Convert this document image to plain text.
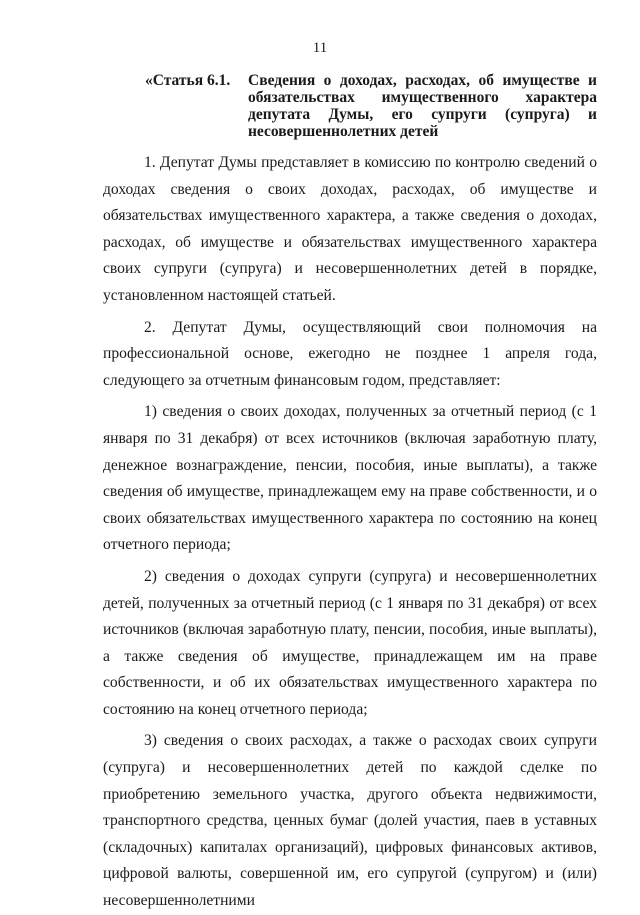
11
«Статья 6.1. Сведения о доходах, расходах, об имуществе и обязательствах имущественного характера депутата Думы, его супруги (супруга) и несовершеннолетних детей

1. Депутат Думы представляет в комиссию по контролю сведений о доходах сведения о своих доходах, расходах, об имуществе и обязательствах имущественного характера, а также сведения о доходах, расходах, об имуществе и обязательствах имущественного характера своих супруги (супруга) и несовершеннолетних детей в порядке, установленном настоящей статьей.

2. Депутат Думы, осуществляющий свои полномочия на профессиональной основе, ежегодно не позднее 1 апреля года, следующего за отчетным финансовым годом, представляет:

1) сведения о своих доходах, полученных за отчетный период (с 1 января по 31 декабря) от всех источников (включая заработную плату, денежное вознаграждение, пенсии, пособия, иные выплаты), а также сведения об имуществе, принадлежащем ему на праве собственности, и о своих обязательствах имущественного характера по состоянию на конец отчетного периода;

2) сведения о доходах супруги (супруга) и несовершеннолетних детей, полученных за отчетный период (с 1 января по 31 декабря) от всех источников (включая заработную плату, пенсии, пособия, иные выплаты), а также сведения об имуществе, принадлежащем им на праве собственности, и об их обязательствах имущественного характера по состоянию на конец отчетного периода;

3) сведения о своих расходах, а также о расходах своих супруги (супруга) и несовершеннолетних детей по каждой сделке по приобретению земельного участка, другого объекта недвижимости, транспортного средства, ценных бумаг (долей участия, паев в уставных (складочных) капиталах организаций), цифровых финансовых активов, цифровой валюты, совершенной им, его супругой (супругом) и (или) несовершеннолетними
